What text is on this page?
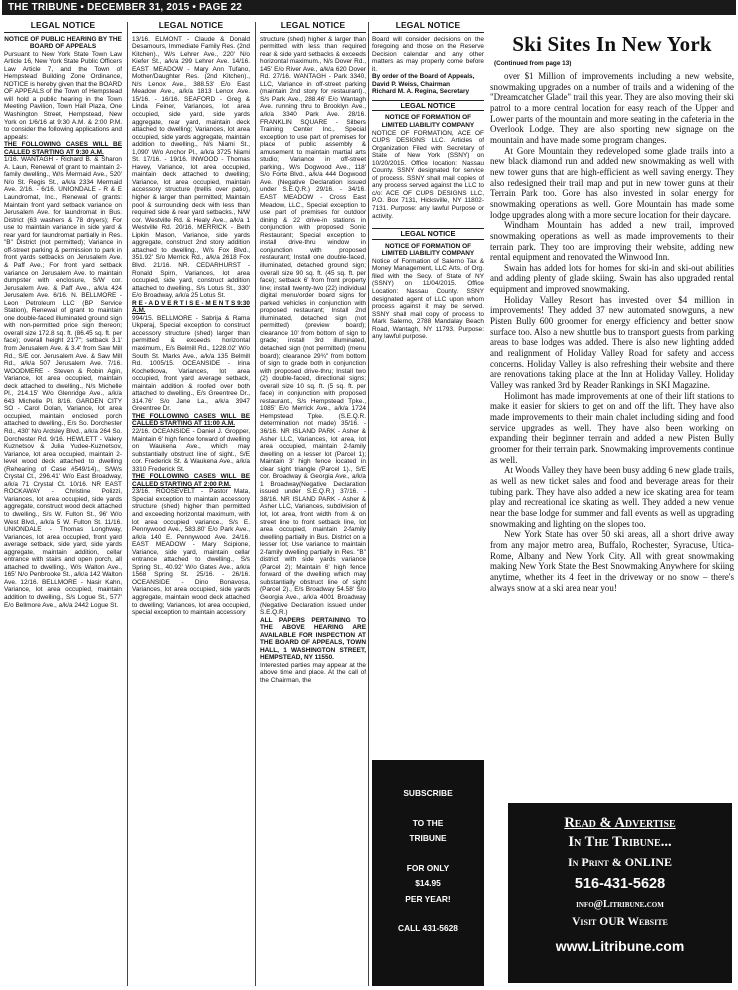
THE TRIBUNE • DECEMBER 31, 2015 • PAGE 22
LEGAL NOTICE

NOTICE OF PUBLIC HEARING BY THE BOARD OF APPEALS

Pursuant to New York State Town Law Article 16, New York State Public Officers Law Article 7, and the Town of Hempstead Building Zone Ordinance, NOTICE is hereby given that the BOARD OF APPEALS of the Town of Hempstead will hold a public hearing in the Town Meeting Pavilion, Town Hall Plaza, One Washington Street, Hempstead, New York on 1/6/16 at 9:30 A.M. & 2:00 P.M. to consider the following applications and appeals:

THE FOLLOWING CASES WILL BE CALLED STARTING AT 9:30 A.M.

1/16. WANTAGH - Richard B. & Sharon A. Laun, Renewal of grant to maintain 2-family dwelling., W/s Mermaid Ave., 520' N/o St. Regis St., a/k/a 2334 Mermaid Ave. 2/16. - 6/16. UNIONDALE - R & E Laundromat, Inc., Renewal of grants: Maintain front yard setback variance on Jerusalem Ave. for laundromat in Bus. District (63 washers & 78 dryers); For use to maintain variance in side yard & rear yard for laundromat partially in Res. "B" District (not permitted); Variance in off-street parking & permission to park in front yards setbacks on Jerusalem Ave. & Paff Ave.; For front yard setback variance on Jerusalem Ave. to maintain dumpster with enclosure, S/W cor. Jerusalem Ave. & Paff Ave., a/k/a 424 Jerusalem Ave. 6/16. N. BELLMORE - Leon Petroleum LLC (BP Service Station), Renewal of grant to maintain one double-faced illuminated ground sign with non-permitted price sign thereon; overall size 172.8 sq. ft. (86.45 sq. ft. per face); overall height 21'7"; setback 3.1' from Jerusalem Ave. & 3.4' from Saw Mill Rd., S/E cor. Jerusalem Ave. & Saw Mill Rd., a/k/a 507 Jerusalem Ave. 7/16. WOODMERE - Steven & Robin Agin, Variance, lot area occupied, maintain deck attached to dwelling., N/s Michelle Pl., 214.15' W/o Glenridge Ave., a/k/a 643 Michelle Pl. 8/16. GARDEN CITY SO - Carol Dolan, Variance, lot area occupied, maintain enclosed porch attached to dwelling., E/s So. Dorchester Rd., 430' N/o Ardsley Blvd., a/k/a 264 So. Dorchester Rd. 9/16. HEWLETT - Valery Kuznetsov & Julia Yudee-Kuznetsov, Variance, lot area occupied, maintain 2-level wood deck attached to dwelling (Rehearing of Case #549/14)., S/W/s Crystal Ct., 296.41' W/o East Broadway, a/k/a 71 Crystal Ct. 10/16. NR EAST ROCKAWAY - Christine Polizzi, Variances, lot area occupied, side yards aggregate, construct wood deck attached to dwelling., S/s W. Fulton St., 96' W/o West Blvd., a/k/a 5 W. Fulton St. 11/16. UNIONDALE - Thomas Longhway, Variances, lot area occupied, front yard average setback, side yard, side yards aggregate, maintain addition, cellar entrance with stairs and open porch, all attached to dwelling., W/s Walton Ave., 165' N/o Penbrooke St., a/k/a 142 Walton Ave. 12/16. BELLMORE - Nasir Kahn, Variance, lot area occupied, maintain addition to dwelling., S/s Logue St., 577' E/o Bellmore Ave., a/k/a 2442 Logue St.

LEGAL NOTICE

13/16. ELMONT - Claude & Donald Desamours, Immediate Family Res. (2nd Kitchen)., W/s Lehrer Ave., 220' N/o Kiefer St., a/k/a 299 Lehrer Ave. 14/16. EAST MEADOW - Mary Ann Tufano, Mother/Daughter Res. (2nd Kitchen)., N/s Lenox Ave., 388.53' E/o East Meadow Ave., a/k/a 1813 Lenox Ave. 15/16. - 16/16. SEAFORD - Greg & Linda Feiner, Variances, lot area occupied, side yard, side yards aggregate, rear yard, maintain deck attached to dwelling; Variances, lot area occupied, side yards aggregate, maintain addition to dwelling., N/s Niami St., 1,090' W/o Anchor Pl., a/k/a 3725 Niami St. 17/16. - 19/16. INWOOD - Thomas Havey, Variance, lot area occupied, maintain deck attached to dwelling; Variance, lot area occupied, maintain accessory structure (trellis over patio), higher & larger than permitted; Maintain pool & surrounding deck with less than required side & rear yard setbacks., N/W cor. Westville Rd. & Healy Ave., a/k/a 1 Westville Rd. 20/16. MERRICK - Beth Lipkin Mason, Variance, side yards aggregate, construct 2nd story addition attached to dwelling., W/s Fox Blvd., 351.92' S/o Merrick Rd., a/k/a 2618 Fox Blvd. 21/16. NR. CEDARHURST - Ronald Spirn, Variances, lot area occupied, side yard, construct addition attached to dwelling., S/s Lotus St., 330' E/o Broadway, a/k/a 25 Lotus St.

R E - A D V E R T I S E - M E N T S 9:30 A.M.

994/15. BELLMORE - Sabrija & Rama Ukperaj, Special exception to construct accessory structure (shed) larger than permitted & exceeds horizontal maximum., E/s Belmill Rd., 1228.02' W/o South St. Marks Ave., a/k/a 135 Belmill Rd. 1005/15. OCEANSIDE - Irina Kochetkova, Variances, lot area occupied, front yard average setback, maintain addition & roofed over both attached to dwelling., E/s Greentree Dr., 314.76' S/o Jane La., a/k/a 3947 Greentree Dr.

THE FOLLOWING CASES WILL BE CALLED STARTING AT 11:00 A.M.

22/16. OCEANSIDE - Daniel J. Gropper, Maintain 6' high fence forward of dwelling on Waukena Ave., which may substantially obstruct line of sight., S/E cor. Frederick St. & Waukena Ave., a/k/a 3310 Frederick St.

THE FOLLOWING CASES WILL BE CALLED STARTING AT 2:00 P.M.

23/16. ROOSEVELT - Pastor Mata, Special exception to maintain accessory structure (shed) higher than permitted and exceeding horizontal maximum, with lot area occupied variance., S/s E. Pennywood Ave., 583.80' E/o Park Ave., a/k/a 140 E. Pennywood Ave. 24/16. EAST MEADOW - Mary Scipione, Variance, side yard, maintain cellar entrance attached to dwelling., S/s Spring St., 40.92' W/o Gates Ave., a/k/a 1568 Spring St. 25/16. - 26/16. OCEANSIDE - Dino Bonavosa, Variances, lot area occupied, side yards aggregate, maintain wood deck attached to dwelling; Variances, lot area occupied, special exception to maintain accessory

LEGAL NOTICE

structure (shed) higher & larger than permitted with less than required rear & side yard setbacks & exceeds horizontal maximum., N/s Dover Rd., 145' E/o River Ave., a/k/a 620 Dover Rd. 27/16. WANTAGH - Park 3340, LLC, Variance in off-street parking (maintain 2nd story for restaurant)., S/s Park Ave., 288.46' E/o Wantagh Ave. running thru to Brooklyn Ave., a/k/a 3340 Park Ave. 28/16. FRANKLIN SQUARE - Silbers Training Center Inc., Special exception to use part of premises for place of public assembly & amusement to maintain martial arts studio; Variance in off-street parking., W/s Dogwood Ave., 118' S/o Forte Blvd., a/k/a 444 Dogwood Ave. (Negative Declaration issued under S.E.Q.R.) 29/16. - 34/16. EAST MEADOW - Cross East Meadow, LLC., Special exception to use part of premises for outdoor dining & 22 drive-in stations in conjunction with proposed Sonic Restaurant; Special exception to install drive-thru window in conjunction with proposed restaurant; Install one double-faced, illuminated, detached ground sign; overall size 90 sq. ft. (45 sq. ft. per face); setback 6' from front property line; install twenty-two (22) individual digital menu/order board signs for parked vehicles in conjunction with proposed restaurant; Install 2nd illuminated, detached sign (not permitted) (preview board); clearance 10' from bottom of sign to grade; install 3rd illuminated, detached sign (not permitted) (menu board); clearance 29¾" from bottom of sign to grade both in conjunction with proposed drive-thru; Install two (2) double-faced, directional signs; overall size 10 sq. ft. (5 sq. ft. per face) in conjunction with proposed restaurant., S/s Hempstead Tpke., 1085' E/o Merrick Ave., a/k/a 1724 Hempstead Tpke. (S.E.Q.R. determination not made) 35/16. - 36/16. NR ISLAND PARK - Asher & Asher LLC, Variances, lot area, lot area occupied, maintain 2-family dwelling on a lesser lot (Parcel 1); Maintain 3' high fence located in clear sight triangle (Parcel 1)., S/E cor. Broadway & Georgia Ave., a/k/a 1 Broadway(Negative Declaration issued under S.E.Q.R.) 37/16. - 38/16. NR ISLAND PARK - Asher & Asher LLC, Variances, subdivision of lot, lot area, front width from & on street line to front setback line, lot area occupied, maintain 2-family dwelling partially in Bus. District on a lesser lot; Use variance to maintain 2-family dwelling partially in Res. "B" district with side yards variance (Parcel 2); Maintain 6' high fence forward of the dwelling which may substantially obstruct line of sight (Parcel 2)., E/s Broadway 54.58' S/o Georgia Ave., a/k/a 4001 Broadway (Negative Declaration issued under S.E.Q.R.)

ALL PAPERS PERTAINING TO THE ABOVE HEARING ARE AVAILABLE FOR INSPECTION AT THE BOARD OF APPEALS, TOWN HALL, 1 WASHINGTON STREET, HEMPSTEAD, NY 11550.

Interested parties may appear at the above time and place. At the call of the Chairman, the

LEGAL NOTICE

Board will consider decisions on the foregoing and those on the Reserve Decision calendar and any other matters as may properly come before it.

By order of the Board of Appeals,

David P. Weiss, Chairman

Richard M. A. Regina, Secretary

LEGAL NOTICE

NOTICE OF FORMATION OF LIMITED LIABILITY COMPANY

NOTICE OF FORMATION, ACE OF CUPS DESIGNS LLC. Articles of Organization Filed with Secretary of State of New York (SSNY) on 10/20/2015. Office location: Nassau County. SSNY designated for service of process. SSNY shall mail copies of any process served against the LLC to c/o: ACE OF CUPS DESIGNS LLC, P.O. Box 7131, Hicksville, NY 11802-7131. Purpose: any lawful Purpose or activity.

LEGAL NOTICE

NOTICE OF FORMATION OF LIMITED LIABILITY COMPANY

Notice of Formation of Salerno Tax & Money Management, LLC Arts. of Org. filed with the Secy. of State of NY (SSNY) on 11/04/2015. Office Location: Nassau County. SSNY designated agent of LLC upon whom process against it may be served. SSNY shall mail copy of process to Mark Salerno, 2788 Mandalay Beach Road, Wantagh, NY 11793. Purpose: any lawful purpose.

SUBSCRIBE
TO THE
TRIBUNE
FOR ONLY
$14.95
PER YEAR!
CALL 431-5628
Ski Sites In New York
(Continued from page 13)

over $1 Million of improvements including a new website, snowmaking upgrades on a number of trails and a widening of the "Dreamcatcher Glade" trail this year. They are also moving their ski patrol to a more central location for easy reach of the Upper and Lower parts of the mountain and more seating in the cafeteria in the Overlook Lodge. They are also sporting new signage on the mountain and have made some program changes.

At Gore Mountain they redeveloped some glade trails into a new black diamond run and added new snowmaking as well with new tower guns that are high-efficient as well saving energy. They also redesigned their trail map and put in new tower guns at their Terrain Park too. Gore has also invested in solar energy for snowmaking operations as well. Gore Mountain has made some lodge upgrades along with a more secure location for their daycare.

Windham Mountain has added a new trail, improved snowmaking operations as well as made improvements to their terrain park. They too are improving their website, adding new rental equipment and renovated the Winwood Inn.

Swain has added lots for homes for ski-in and ski-out abilities and adding plenty of glade skiing. Swain has also upgraded rental equipment and improved snowmaking.

Holiday Valley Resort has invested over $4 million in improvements! They added 37 new automated snowguns, a new Pisten Bully 600 groomer for energy efficiency and better snow surface too. Also a new shuttle bus to transport guests from parking areas to base lodges was added. There is also new lighting added and realignment of Holiday Valley Road for safety and access concerns. Holiday Valley is also refreshing their website and there are renovations taking place at the Inn at Holiday Valley. Holiday Valley was ranked 3rd by Reader Rankings in SKI Magazine.

Holimont has made improvements at one of their lift stations to make it easier for skiers to get on and off the lift. They have also made improvements to their main chalet including siding and food service upgrades as well. They have also been working on expanding their beginner terrain and added a new Pisten Bully groomer for their terrain park. Snowmaking improvements continue as well.

At Woods Valley they have been busy adding 6 new glade trails, as well as new ticket sales and food and beverage areas for their tubing park. They have also added a new ice skating area for team play and recreational ice skating as well. They added a new venue near the base lodge for summer and fall events as well as upgrading snowmaking and lighting on the slopes too.

New York State has over 50 ski areas, all a short drive away from any major metro area, Buffalo, Rochester, Syracuse, Utica-Rome, Albany and New York City. All with great snowmaking making New York State the Best Snowmaking Anywhere for skiing anytime, whether its 4 feet in the driveway or no snow – there's always snow at a ski area near you!

Read & Advertise
In The Tribune...
In Print & ONLINE
516-431-5628
info@Litribune.com
Visit OUR Website
www.Litribune.com
